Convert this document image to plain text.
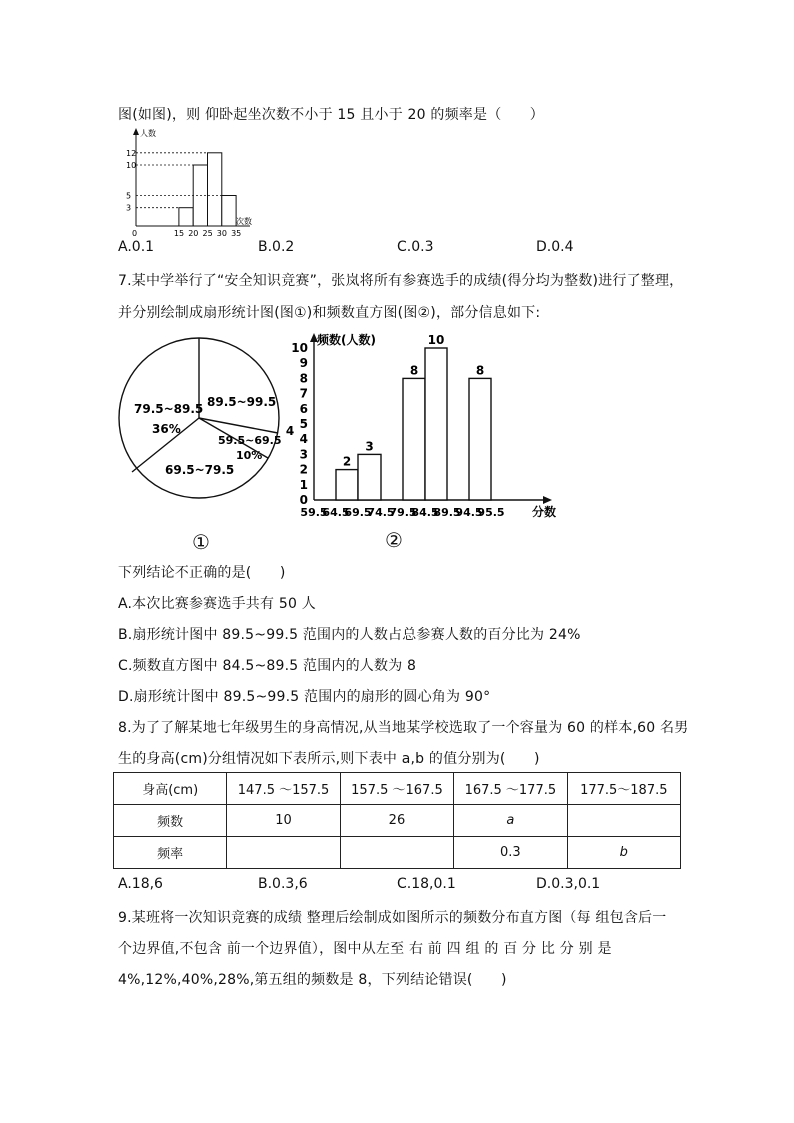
图(如图)，则 仰卧起坐次数不小于 15 且小于 20 的频率是（　　）
人数
次数
12
10
5
3
0	15 20 25 30 35
A.0.1	B.0.2	C.0.3	D.0.4
7.某中学举行了“安全知识竞赛”，张岚将所有参赛选手的成绩(得分均为整数)进行了整理，
并分别绘制成扇形统计图(图①)和频数直方图(图②)，部分信息如下:
79.5~89.5
36%
89.5~99.5
59.5~69.5
10%
69.5~79.5
①
频数(人数)
分数
2
3
8
10
8
4
0
1
2
3
4
5
6
7
8
9
10
59.5
64.5
69.5
74.5
79.5
84.5
89.5
94.5
95.5
②
下列结论不正确的是(　　)
A.本次比赛参赛选手共有 50 人
B.扇形统计图中 89.5~99.5 范围内的人数占总参赛人数的百分比为 24%
C.频数直方图中 84.5~89.5 范围内的人数为 8
D.扇形统计图中 89.5~99.5 范围内的扇形的圆心角为 90°
8.为了了解某地七年级男生的身高情况,从当地某学校选取了一个容量为 60 的样本,60 名男
生的身高(cm)分组情况如下表所示,则下表中 a,b 的值分别为(　　)
身高(cm)	147.5 ～157.5	157.5 ～167.5	167.5 ～177.5	177.5～187.5
频数	10	26	a	
频率			0.3	b
A.18,6	B.0.3,6	C.18,0.1	D.0.3,0.1
9.某班将一次知识竞赛的成绩 整理后绘制成如图所示的频数分布直方图（每 组包含后一
个边界值,不包含 前一个边界值），图中从左至 右 前 四 组 的 百 分 比 分 别 是
4%,12%,40%,28%,第五组的频数是 8，下列结论错误(　　)
